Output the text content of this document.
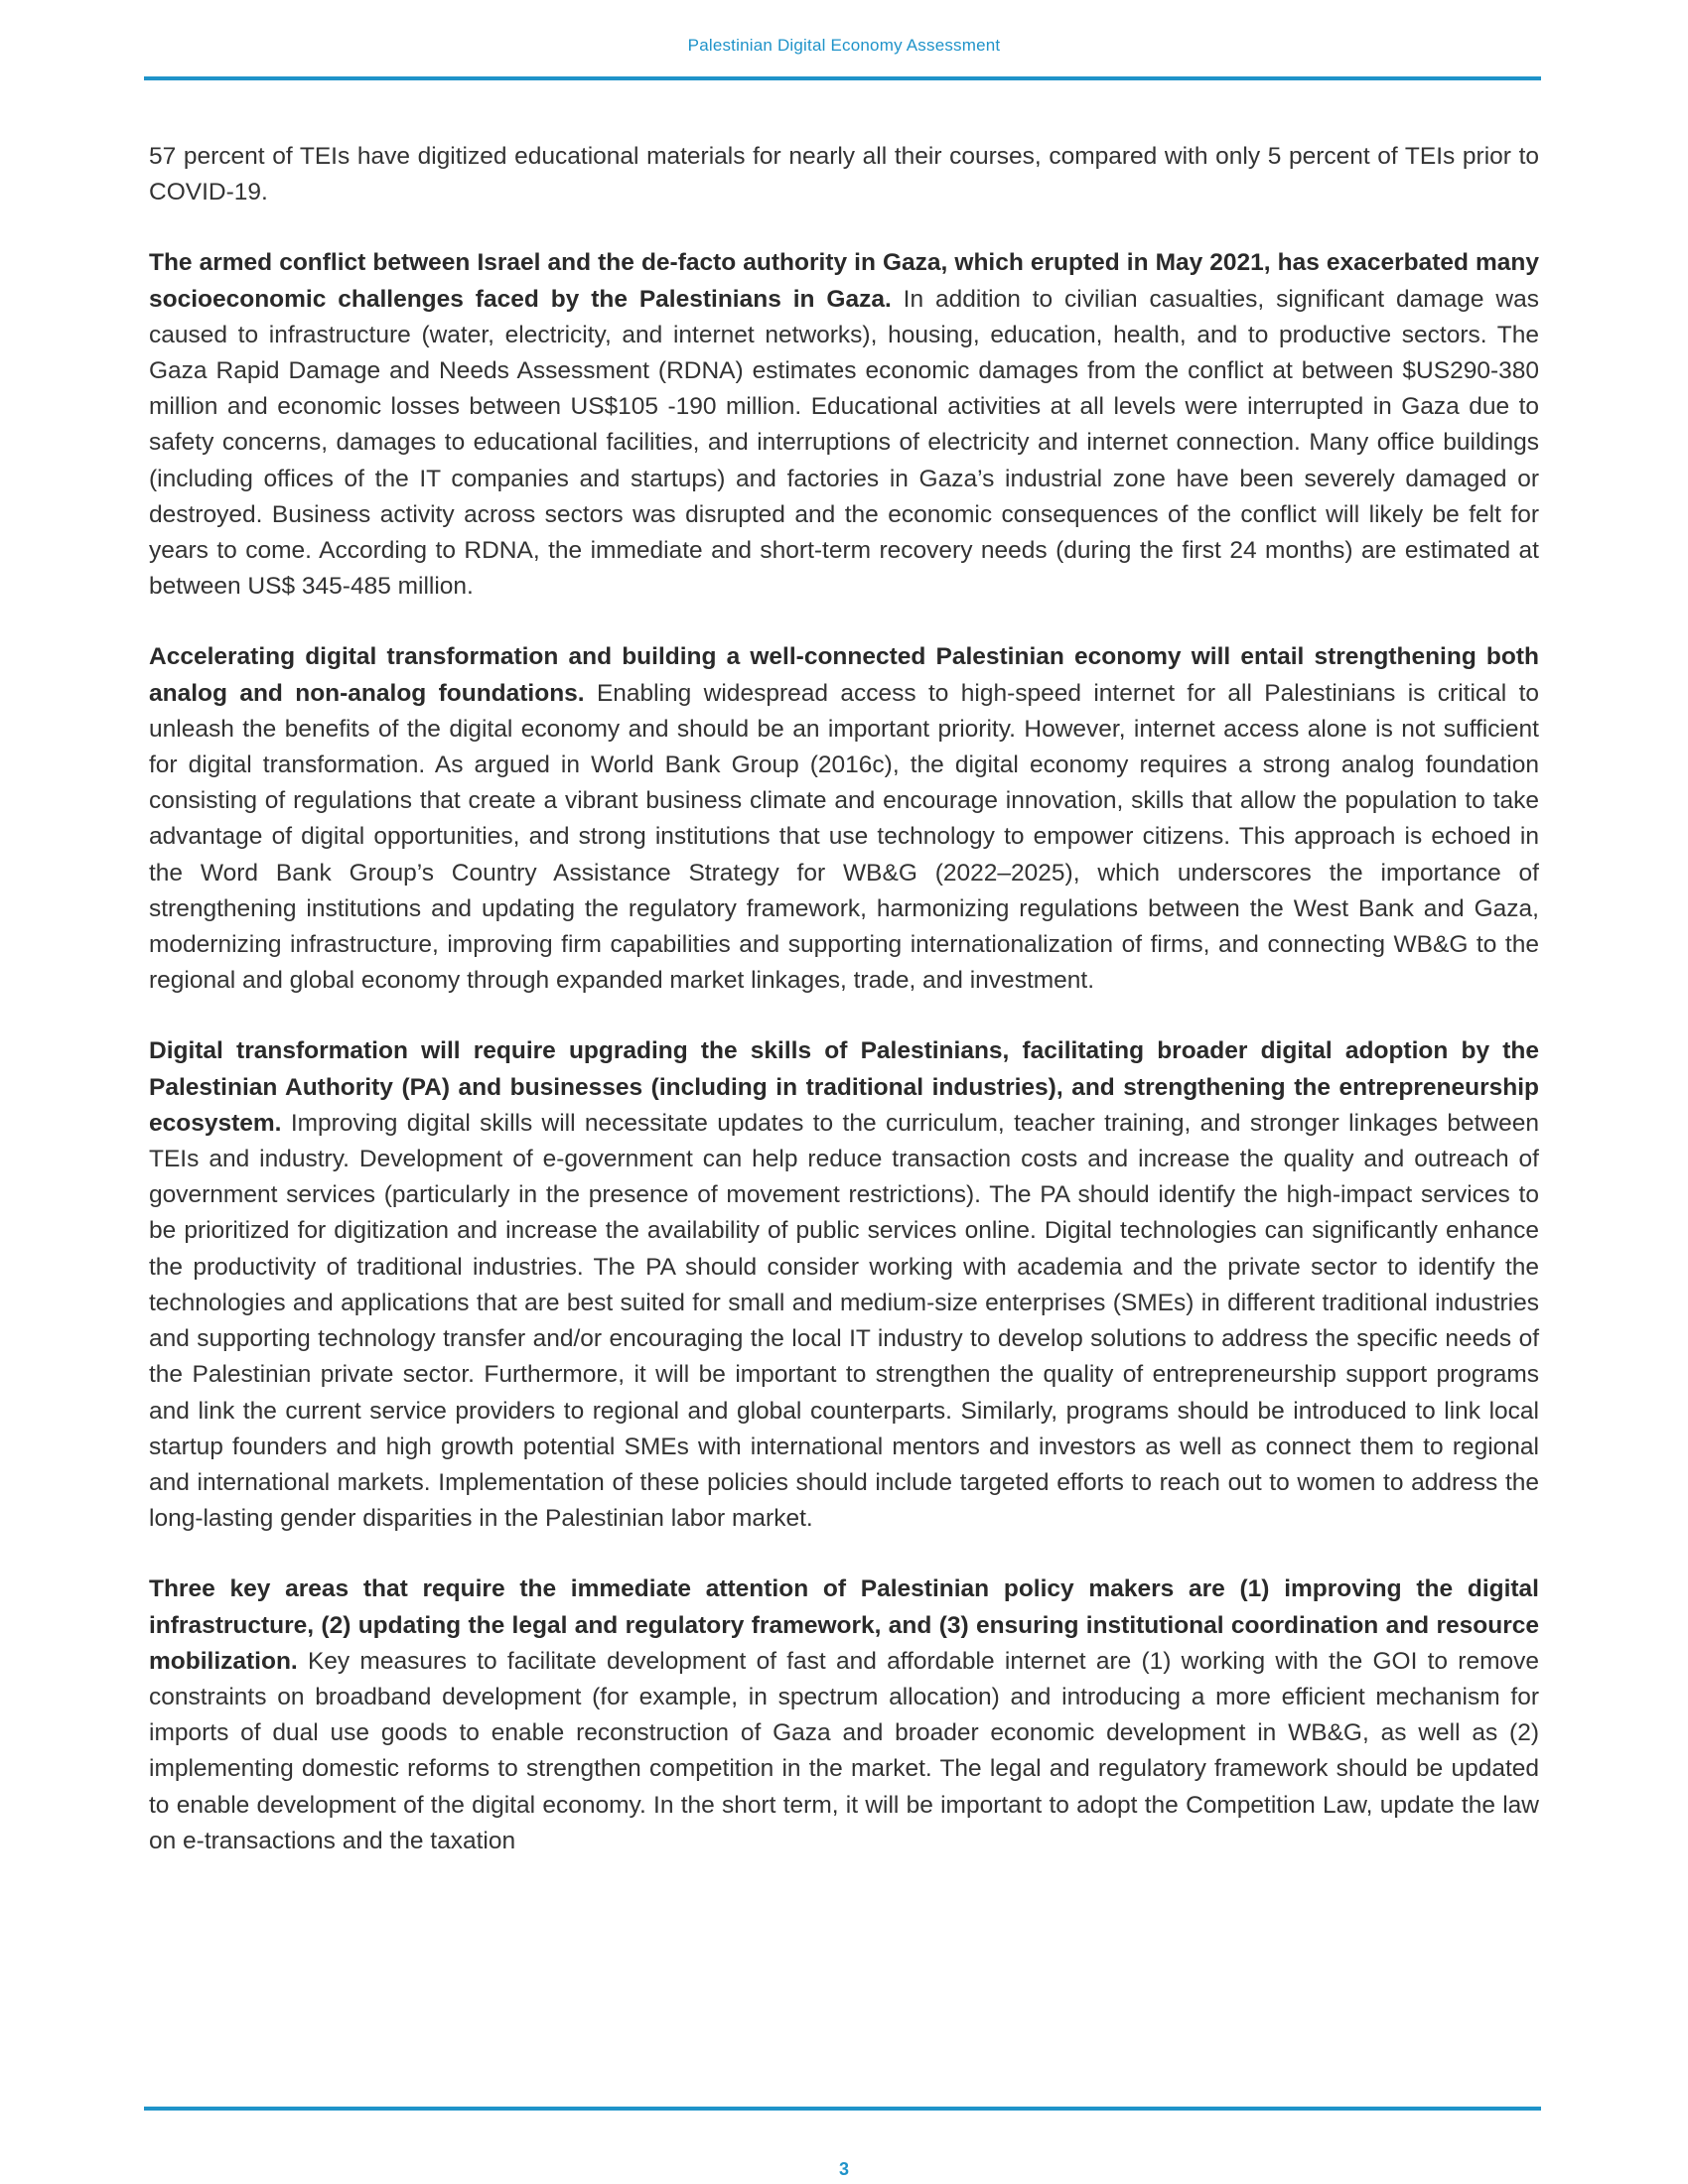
Palestinian Digital Economy Assessment

57 percent of TEIs have digitized educational materials for nearly all their courses, compared with only 5 percent of TEIs prior to COVID-19.

The armed conflict between Israel and the de-facto authority in Gaza, which erupted in May 2021, has exacerbated many socioeconomic challenges faced by the Palestinians in Gaza. In addition to civilian casualties, significant damage was caused to infrastructure (water, electricity, and internet networks), housing, education, health, and to productive sectors. The Gaza Rapid Damage and Needs Assessment (RDNA) estimates economic damages from the conflict at between $US290-380 million and economic losses between US$105 -190 million. Educational activities at all levels were interrupted in Gaza due to safety concerns, damages to educational facilities, and interruptions of electricity and internet connection. Many office buildings (including offices of the IT companies and startups) and factories in Gaza’s industrial zone have been severely damaged or destroyed. Business activity across sectors was disrupted and the economic consequences of the conflict will likely be felt for years to come. According to RDNA, the immediate and short-term recovery needs (during the first 24 months) are estimated at between US$ 345-485 million.

Accelerating digital transformation and building a well-connected Palestinian economy will entail strengthening both analog and non-analog foundations. Enabling widespread access to high-speed internet for all Palestinians is critical to unleash the benefits of the digital economy and should be an important priority. However, internet access alone is not sufficient for digital transformation. As argued in World Bank Group (2016c), the digital economy requires a strong analog foundation consisting of regulations that create a vibrant business climate and encourage innovation, skills that allow the population to take advantage of digital opportunities, and strong institutions that use technology to empower citizens. This approach is echoed in the Word Bank Group’s Country Assistance Strategy for WB&G (2022–2025), which underscores the importance of strengthening institutions and updating the regulatory framework, harmonizing regulations between the West Bank and Gaza, modernizing infrastructure, improving firm capabilities and supporting internationalization of firms, and connecting WB&G to the regional and global economy through expanded market linkages, trade, and investment.

Digital transformation will require upgrading the skills of Palestinians, facilitating broader digital adoption by the Palestinian Authority (PA) and businesses (including in traditional industries), and strengthening the entrepreneurship ecosystem. Improving digital skills will necessitate updates to the curriculum, teacher training, and stronger linkages between TEIs and industry. Development of e-government can help reduce transaction costs and increase the quality and outreach of government services (particularly in the presence of movement restrictions). The PA should identify the high-impact services to be prioritized for digitization and increase the availability of public services online. Digital technologies can significantly enhance the productivity of traditional industries. The PA should consider working with academia and the private sector to identify the technologies and applications that are best suited for small and medium-size enterprises (SMEs) in different traditional industries and supporting technology transfer and/or encouraging the local IT industry to develop solutions to address the specific needs of the Palestinian private sector. Furthermore, it will be important to strengthen the quality of entrepreneurship support programs and link the current service providers to regional and global counterparts. Similarly, programs should be introduced to link local startup founders and high growth potential SMEs with international mentors and investors as well as connect them to regional and international markets. Implementation of these policies should include targeted efforts to reach out to women to address the long-lasting gender disparities in the Palestinian labor market.

Three key areas that require the immediate attention of Palestinian policy makers are (1) improving the digital infrastructure, (2) updating the legal and regulatory framework, and (3) ensuring institutional coordination and resource mobilization. Key measures to facilitate development of fast and affordable internet are (1) working with the GOI to remove constraints on broadband development (for example, in spectrum allocation) and introducing a more efficient mechanism for imports of dual use goods to enable reconstruction of Gaza and broader economic development in WB&G, as well as (2) implementing domestic reforms to strengthen competition in the market. The legal and regulatory framework should be updated to enable development of the digital economy. In the short term, it will be important to adopt the Competition Law, update the law on e-transactions and the taxation

3
